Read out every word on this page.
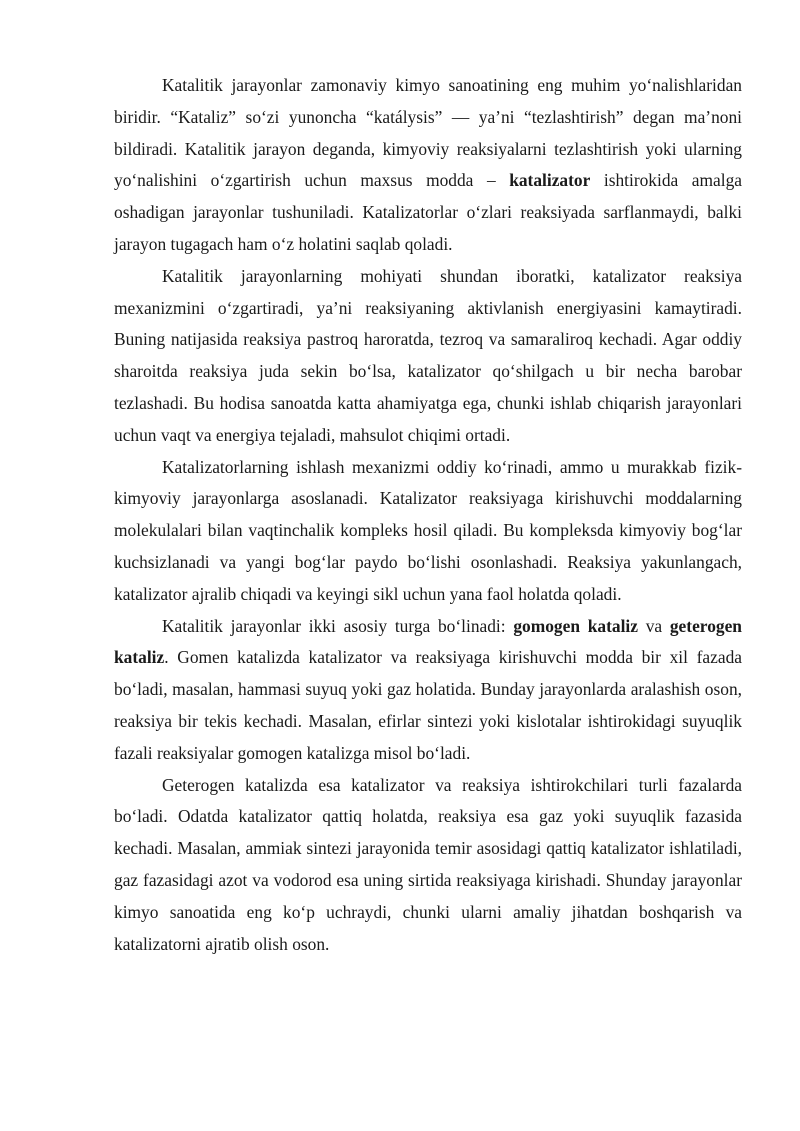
Katalitik jarayonlar zamonaviy kimyo sanoatining eng muhim yo‘nalishlaridan biridir. “Kataliz” so‘zi yunoncha “katálysis” — ya’ni “tezlashtirish” degan ma’noni bildiradi. Katalitik jarayon deganda, kimyoviy reaksiyalarni tezlashtirish yoki ularning yo‘nalishini o‘zgartirish uchun maxsus modda – katalizator ishtirokida amalga oshadigan jarayonlar tushuniladi. Katalizatorlar o‘zlari reaksiyada sarflanmaydi, balki jarayon tugagach ham o‘z holatini saqlab qoladi.

Katalitik jarayonlarning mohiyati shundan iboratki, katalizator reaksiya mexanizmini o‘zgartiradi, ya’ni reaksiyaning aktivlanish energiyasini kamaytiradi. Buning natijasida reaksiya pastroq haroratda, tezroq va samaraliroq kechadi. Agar oddiy sharoitda reaksiya juda sekin bo‘lsa, katalizator qo‘shilgach u bir necha barobar tezlashadi. Bu hodisa sanoatda katta ahamiyatga ega, chunki ishlab chiqarish jarayonlari uchun vaqt va energiya tejaladi, mahsulot chiqimi ortadi.

Katalizatorlarning ishlash mexanizmi oddiy ko‘rinadi, ammo u murakkab fizik-kimyoviy jarayonlarga asoslanadi. Katalizator reaksiyaga kirishuvchi moddalarning molekulalari bilan vaqtinchalik kompleks hosil qiladi. Bu kompleksda kimyoviy bog‘lar kuchsizlanadi va yangi bog‘lar paydo bo‘lishi osonlashadi. Reaksiya yakunlangach, katalizator ajralib chiqadi va keyingi sikl uchun yana faol holatda qoladi.

Katalitik jarayonlar ikki asosiy turga bo‘linadi: gomogen kataliz va geterogen kataliz. Gomen katalizda katalizator va reaksiyaga kirishuvchi modda bir xil fazada bo‘ladi, masalan, hammasi suyuq yoki gaz holatida. Bunday jarayonlarda aralashish oson, reaksiya bir tekis kechadi. Masalan, efirlar sintezi yoki kislotalar ishtirokidagi suyuqlik fazali reaksiyalar gomogen katalizga misol bo‘ladi.

Geterogen katalizda esa katalizator va reaksiya ishtirokchilari turli fazalarda bo‘ladi. Odatda katalizator qattiq holatda, reaksiya esa gaz yoki suyuqlik fazasida kechadi. Masalan, ammiak sintezi jarayonida temir asosidagi qattiq katalizator ishlatiladi, gaz fazasidagi azot va vodorod esa uning sirtida reaksiyaga kirishadi. Shunday jarayonlar kimyo sanoatida eng ko‘p uchraydi, chunki ularni amaliy jihatdan boshqarish va katalizatorni ajratib olish oson.
